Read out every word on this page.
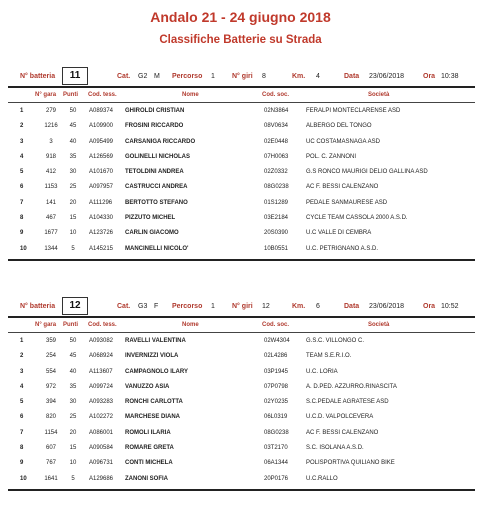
Andalo 21 - 24 giugno 2018
Classifiche Batterie su Strada
N° batteria	11	Cat. G2 M Percorso 1 N° giri 8	Km. 4	Data 23/06/2018	Ora 10:38
N° gara Punti Cod. tess.	Nome	Cod. soc.	Società
1	279	50	A089374 GHIROLDI CRISTIAN	02N3864	FERALPI MONTECLARENSE ASD
2	1216	45	A109900 FROSINI RICCARDO	08V0634	ALBERGO DEL TONGO
3	3	40	A095499 CARSANIGA RICCARDO	02E0448	UC COSTAMASNAGA ASD
4	918	35	A126569 GOLINELLI NICHOLAS	07H0063	POL. C. ZANNONI
5	412	30	A101670 TETOLDINI ANDREA	02Z0332	G.S RONCO MAURIGI DELIO GALLINA ASD
6	1153	25	A097957 CASTRUCCI ANDREA	08G0238	AC F. BESSI CALENZANO
7	141	20	A111296 BERTOTTO STEFANO	01S1289	PEDALE SANMAURESE ASD
8	467	15	A104330 PIZZUTO MICHEL	03E2184	CYCLE TEAM CASSOLA 2000 A.S.D.
9	1677	10	A123726 CARLIN GIACOMO	20S0390	U.C VALLE DI CEMBRA
10	1344	5	A145215 MANCINELLI NICOLO'	10B0551	U.C. PETRIGNANO A.S.D.
N° batteria	12	Cat. G3 F Percorso 1 N° giri 12	Km. 6	Data 23/06/2018	Ora 10:52
N° gara Punti Cod. tess.	Nome	Cod. soc.	Società
1	359	50	A093082 RAVELLI VALENTINA	02W4304	G.S.C. VILLONGO C.
2	254	45	A068924 INVERNIZZI VIOLA	02L4286	TEAM S.E.R.I.O.
3	554	40	A113607 CAMPAGNOLO ILARY	03P1945	U.C. LORIA
4	972	35	A099724 VANUZZO ASIA	07P0798	A. D.PED. AZZURRO.RINASCITA
5	394	30	A093283 RONCHI CARLOTTA	02Y0235	S.C.PEDALE AGRATESE ASD
6	820	25	A102272 MARCHESE DIANA	06L0319	U.C.D. VALPOLCEVERA
7	1154	20	A086001 ROMOLI ILARIA	08G0238	AC F. BESSI CALENZANO
8	607	15	A090584 ROMARE GRETA	03T2170	S.C. ISOLANA A.S.D.
9	767	10	A096731 CONTI MICHELA	06A1344	POLISPORTIVA QUILIANO BIKE
10	1641	5	A129686 ZANONI SOFIA	20P0176	U.C.RALLO
